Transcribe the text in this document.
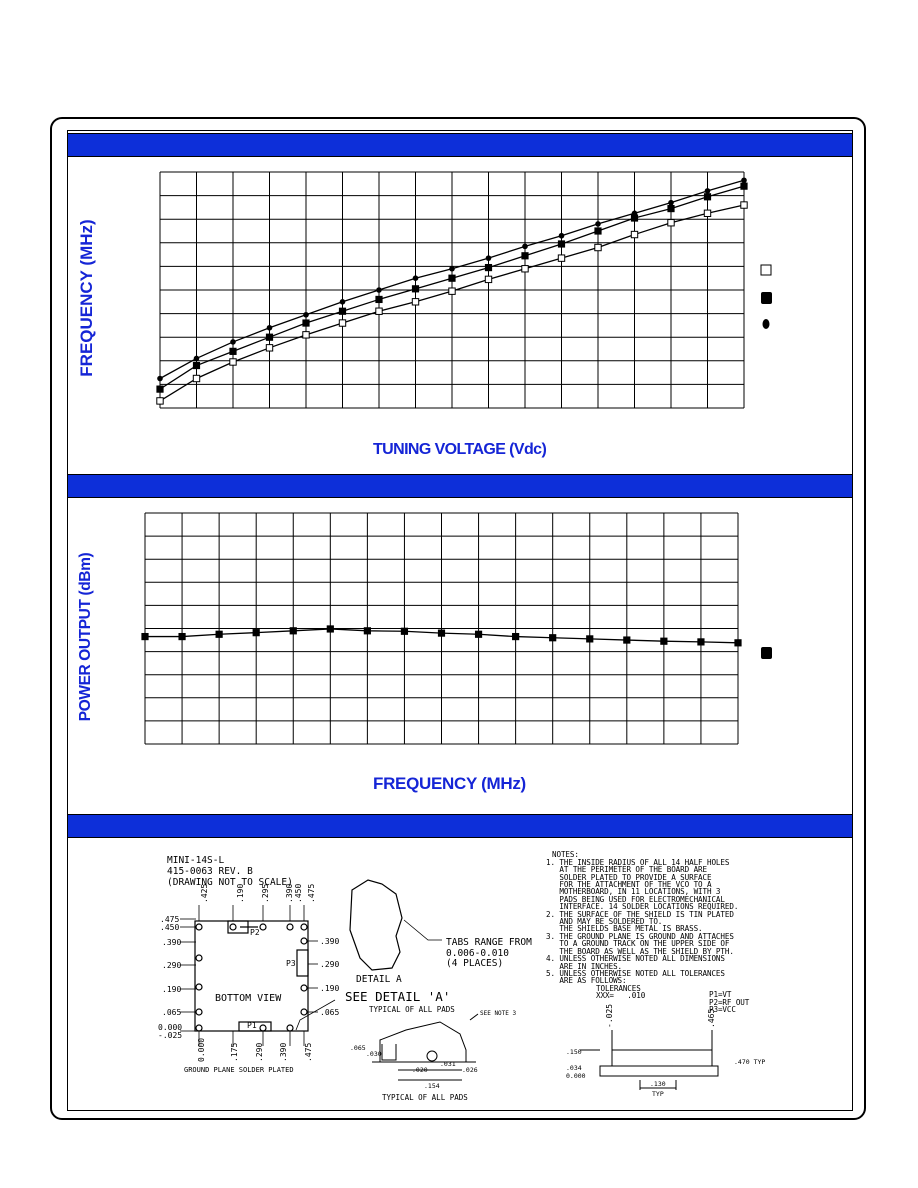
FREQUENCY (MHz)
TUNING VOLTAGE (Vdc)
POWER OUTPUT (dBm)
FREQUENCY (MHz)

MINI-14S-L
415-0063 REV. B
(DRAWING NOT TO SCALE)

P2
P3
P1
.475
.450
.390
.290
.190
.065
0.000
-.025
.390
.290
.190
.065
.425	.190 .295 .390 .450 .475
0.000	.175 .290 .390 .475
BOTTOM VIEW
GROUND PLANE SOLDER PLATED
DETAIL A
TABS RANGE FROM
0.006-0.010
(4 PLACES)
SEE DETAIL 'A'
TYPICAL OF ALL PADS	SEE NOTE 3
.065
.030
.020
.031
.026
.154
TYPICAL OF ALL PADS
-.025	.465
.150
.034
0.000
.470 TYP
.130
TYP

NOTES:
1. THE INSIDE RADIUS OF ALL 14 HALF HOLES
AT THE PERIMETER OF THE BOARD ARE
SOLDER PLATED TO PROVIDE A SURFACE
FOR THE ATTACHMENT OF THE VCO TO A
MOTHERBOARD, IN 11 LOCATIONS, WITH 3
PADS BEING USED FOR ELECTROMECHANICAL
INTERFACE. 14 SOLDER LOCATIONS REQUIRED.
2. THE SURFACE OF THE SHIELD IS TIN PLATED
AND MAY BE SOLDERED TO.
THE SHIELDS BASE METAL IS BRASS.
3. THE GROUND PLANE IS GROUND AND ATTACHES
TO A GROUND TRACK ON THE UPPER SIDE OF
THE BOARD AS WELL AS THE SHIELD BY PTH.
4. UNLESS OTHERWISE NOTED ALL DIMENSIONS
ARE IN INCHES.
5. UNLESS OTHERWISE NOTED ALL TOLERANCES
ARE AS FOLLOWS:
TOLERANCES
XXX=   .010	P1=VT
P2=RF OUT
P3=VCC
